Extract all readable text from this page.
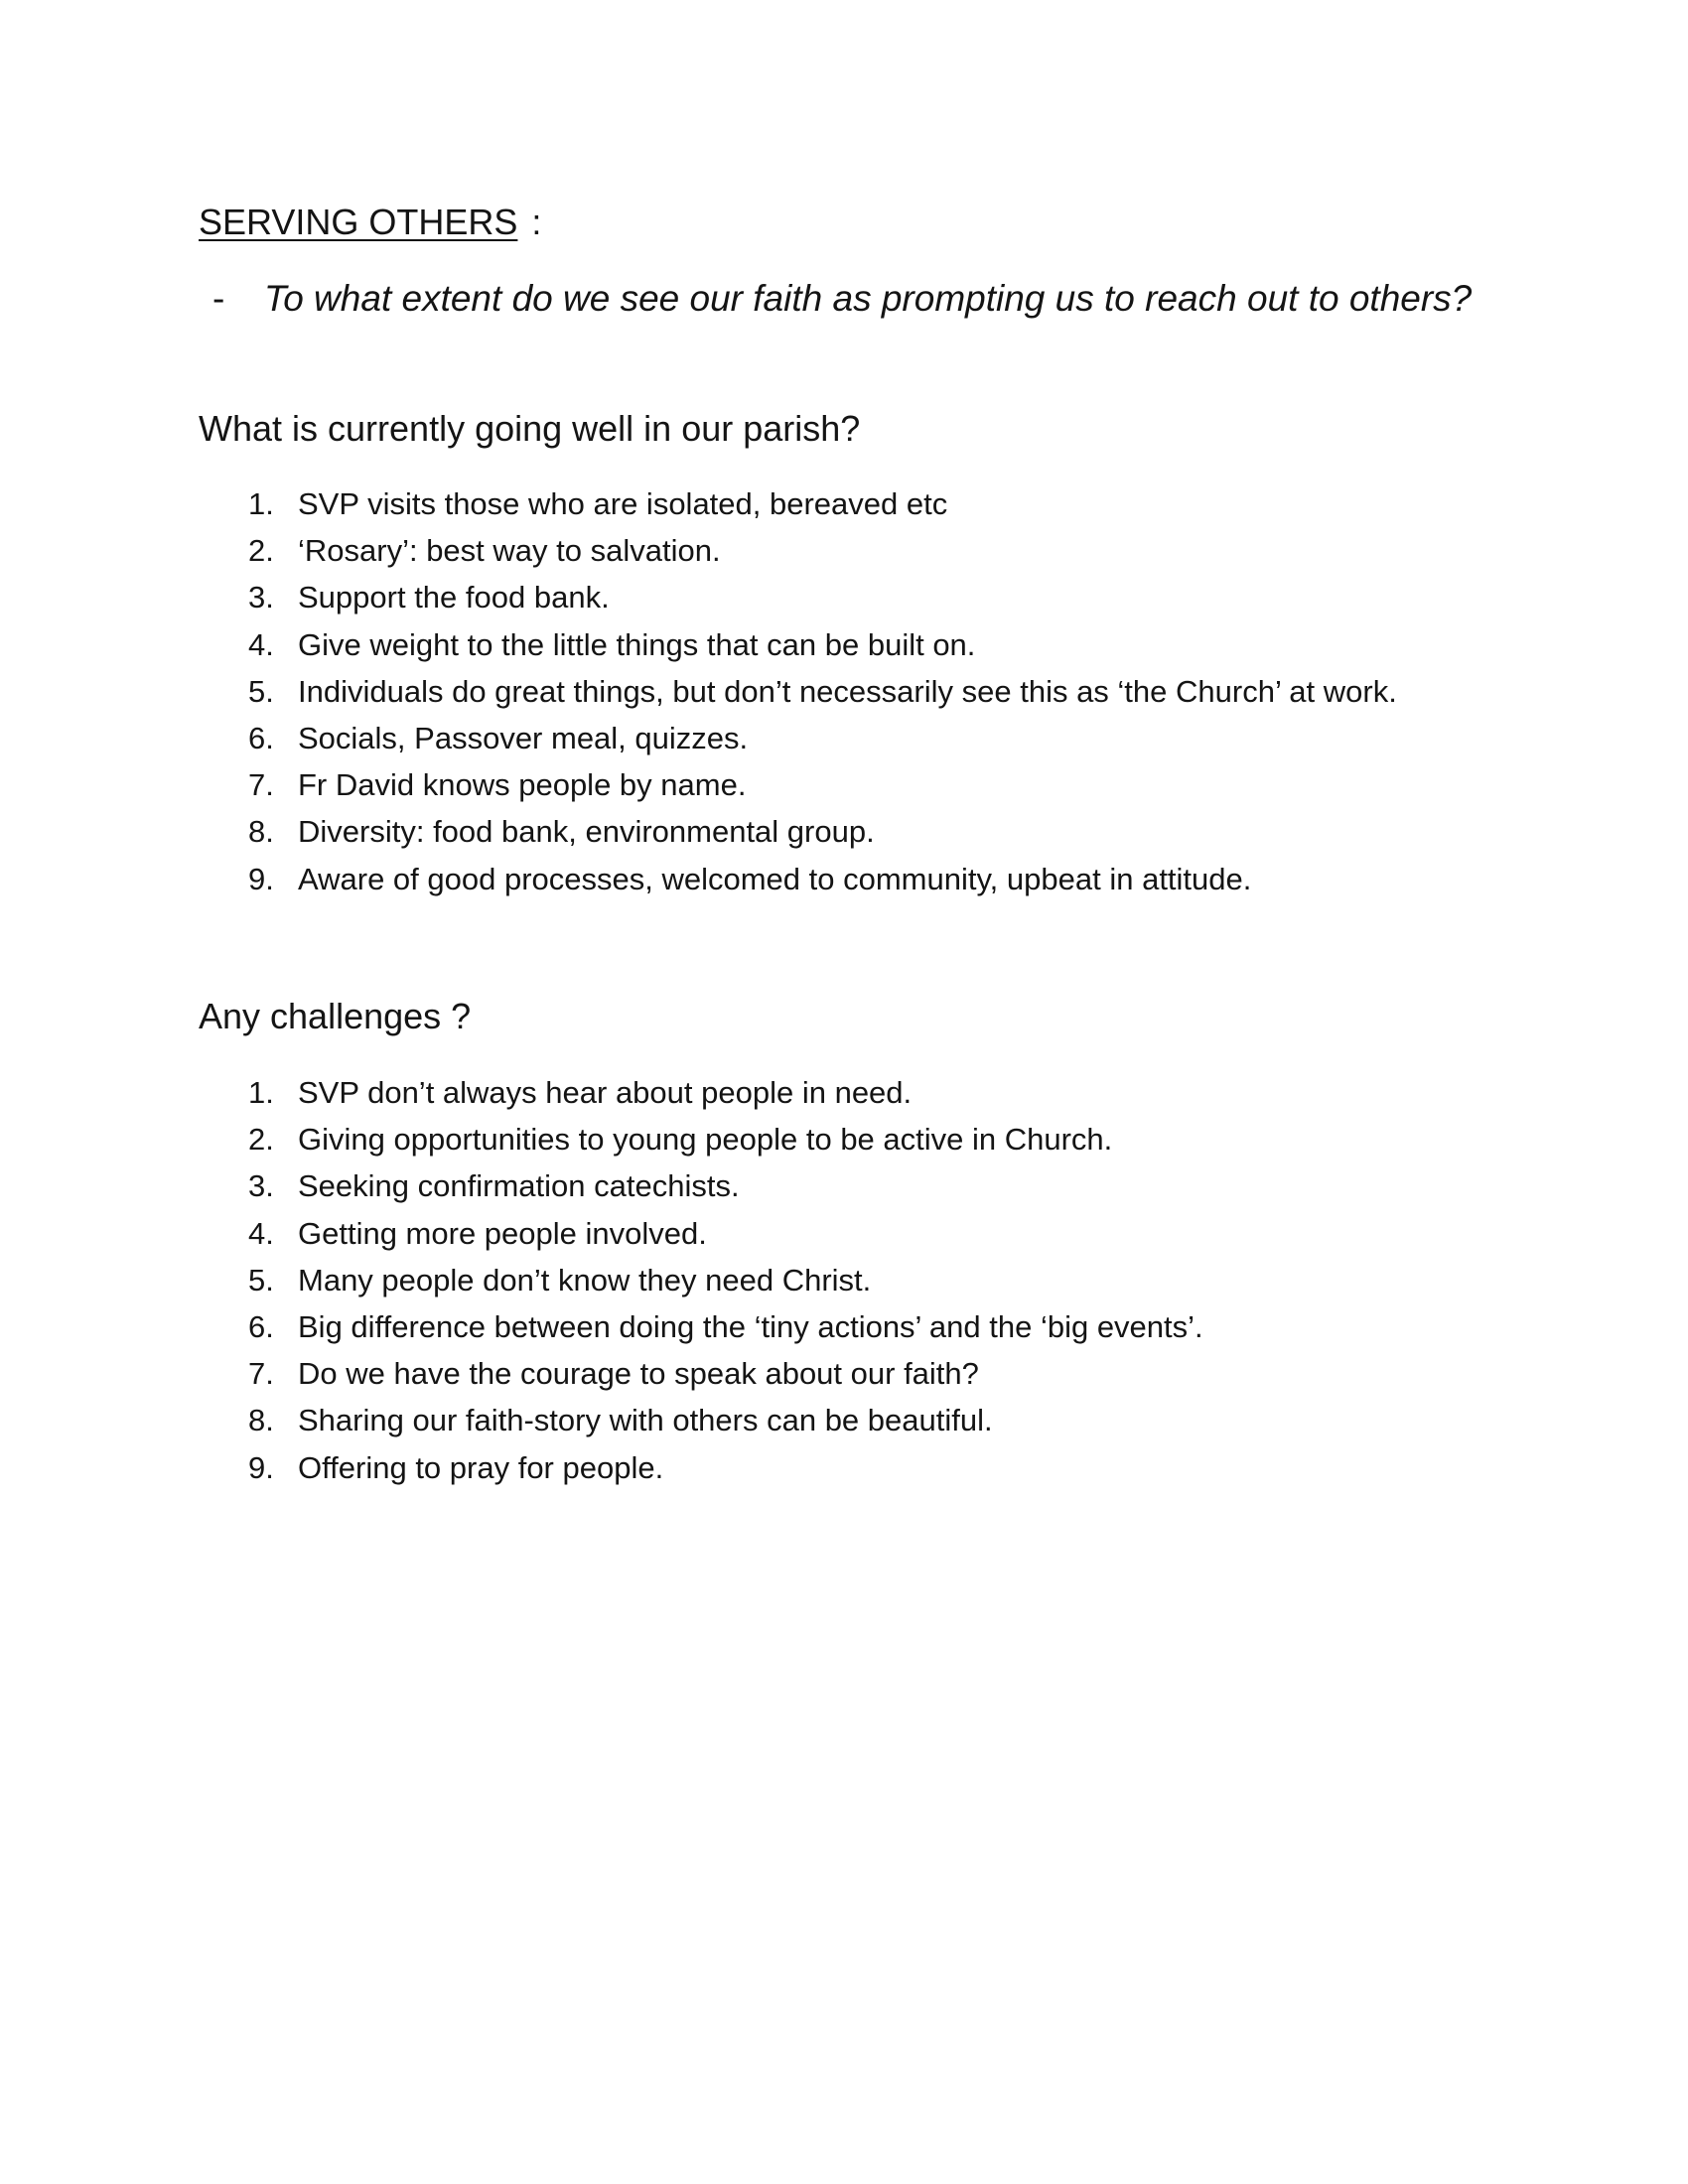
SERVING OTHERS :
- To what extent do we see our faith as prompting us to reach out to others?
What is currently going well in our parish?
1. SVP visits those who are isolated, bereaved etc
2. ‘Rosary’: best way to salvation.
3. Support the food bank.
4. Give weight to the little things that can be built on.
5. Individuals do great things, but don’t necessarily see this as ‘the Church’ at work.
6. Socials, Passover meal, quizzes.
7. Fr David knows people by name.
8. Diversity: food bank, environmental group.
9. Aware of good processes, welcomed to community, upbeat in attitude.
Any challenges ?
1. SVP don’t always hear about people in need.
2. Giving opportunities to young people to be active in Church.
3. Seeking confirmation catechists.
4. Getting more people involved.
5. Many people don’t know they need Christ.
6. Big difference between doing the ‘tiny actions’ and the ‘big events’.
7. Do we have the courage to speak about our faith?
8. Sharing our faith-story with others can be beautiful.
9. Offering to pray for people.
